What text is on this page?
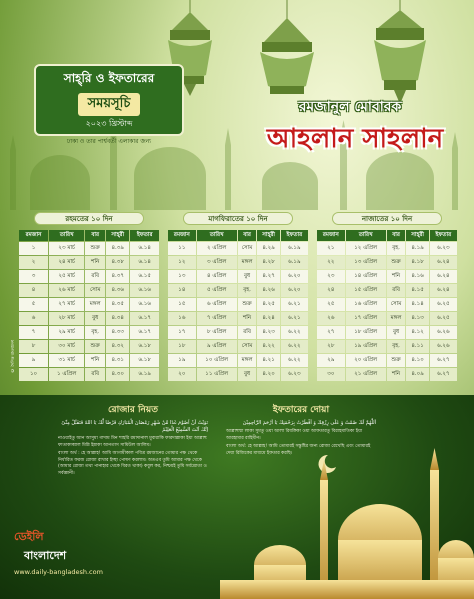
সাহ্‌রি ও ইফতারের
সময়সূচি
২০২৩ খ্রিস্টাব্দ
ঢাকা ও তার পার্শ্ববর্তী এলাকার জন্য
রমজানুল মোবারক
আহলান সাহলান
© দৈনিক বাংলাদেশ
রহমতের ১০ দিন
রমজান	তারিখ	বার	সাহ্‌রী	ইফতার
১	২৩ মার্চ	শুক্র	৪.৩৯	৬.১৪
২	২৪ মার্চ	শনি	৪.৩৮	৬.১৪
৩	২৫ মার্চ	রবি	৪.৩৭	৬.১৫
৪	২৬ মার্চ	সোম	৪.৩৬	৬.১৬
৫	২৭ মার্চ	মঙ্গল	৪.৩৫	৬.১৬
৬	২৮ মার্চ	বুধ	৪.৩৪	৬.১৭
৭	২৯ মার্চ	বৃহ.	৪.৩৩	৬.১৭
৮	৩০ মার্চ	শুক্র	৪.৩২	৬.১৮
৯	৩১ মার্চ	শনি	৪.৩১	৬.১৮
১০	১ এপ্রিল	রবি	৪.৩০	৬.১৯
মাগফিরাতের ১০ দিন
রমজান	তারিখ	বার	সাহ্‌রী	ইফতার
১১	২ এপ্রিল	সোম	৪.২৯	৬.১৯
১২	৩ এপ্রিল	মঙ্গল	৪.২৮	৬.১৯
১৩	৪ এপ্রিল	বুধ	৪.২৭	৬.২০
১৪	৫ এপ্রিল	বৃহ.	৪.২৬	৬.২০
১৫	৬ এপ্রিল	শুক্র	৪.২৫	৬.২১
১৬	৭ এপ্রিল	শনি	৪.২৪	৬.২১
১৭	৮ এপ্রিল	রবি	৪.২৩	৬.২২
১৮	৯ এপ্রিল	সোম	৪.২২	৬.২২
১৯	১০ এপ্রিল	মঙ্গল	৪.২১	৬.২২
২০	১১ এপ্রিল	বুধ	৪.২০	৬.২৩
নাজাতের ১০ দিন
রমজান	তারিখ	বার	সাহ্‌রী	ইফতার
২১	১২ এপ্রিল	বৃহ.	৪.১৯	৬.২৩
২২	১৩ এপ্রিল	শুক্র	৪.১৮	৬.২৪
২৩	১৪ এপ্রিল	শনি	৪.১৬	৬.২৪
২৪	১৫ এপ্রিল	রবি	৪.১৫	৬.২৪
২৫	১৬ এপ্রিল	সোম	৪.১৪	৬.২৫
২৬	১৭ এপ্রিল	মঙ্গল	৪.১৩	৬.২৫
২৭	১৮ এপ্রিল	বুধ	৪.১২	৬.২৬
২৮	১৯ এপ্রিল	বৃহ.	৪.১১	৬.২৬
২৯	২০ এপ্রিল	শুক্র	৪.১০	৬.২৭
৩০	২১ এপ্রিল	শনি	৪.০৯	৬.২৭
রোজার নিয়ত
نَوَيْتُ اَنْ اَصُوْمَ غَدًا مِّنْ شَهْرِ رَمْضَانَ الْمُبَارَكِ فَرْضًا لَّكَ يَا اللهُ فَتَقَبَّلْ مِنِّىْ اِنَّكَ اَنْتَ السَّمِيْعُ الْعَلِيْمُ
নাওয়াইতু আন আসুমা গাদাম মিন শাহরি রমাদানাল মুবারাকি ফারদাল্লাকা ইয়া আল্লাহু ফাতাকাব্বাল মিন্নি ইন্নাকা আনতাস সামিউল আলিম।
বাংলা অর্থ : হে আল্লাহ! আমি আগামীকাল পবিত্র রমজানের তোমার পক্ষ থেকে নির্ধারিত ফরজ রোজা রাখার ইচ্ছা পোষণ করলাম। অতএব তুমি আমার পক্ষ থেকে (আমার রোজা তথা পানাহার থেকে বিরত থাকা) কবুল কর, নিশ্চয়ই তুমি সর্বশ্রোতা ও সর্বজ্ঞানী।
ইফতারের দোয়া
اَللَّهُمَّ لَكَ صُمْتُ وَ عَلَى رِزْقِكَ وَ اَفْطَرْتُ بِرَحْمَتِكَ يَا اَرْحَمَ الرَّاحِمِيْنَ
আল্লাহুম্মা লাকা সুমতু ওয়া আলা রিযক্বিকা ওয়া আফতারতু বিরাহমাতিকা ইয়া আরহামার রাহিমীন।
বাংলা অর্থ: হে আল্লাহ! আমি তোমারই সন্তুষ্টির জন্য রোজা রেখেছি এবং তোমারই দেয়া রিজিকের মাধ্যমে ইফতার করছি।
ডেইলি
বাংলাদেশ
www.daily-bangladesh.com
